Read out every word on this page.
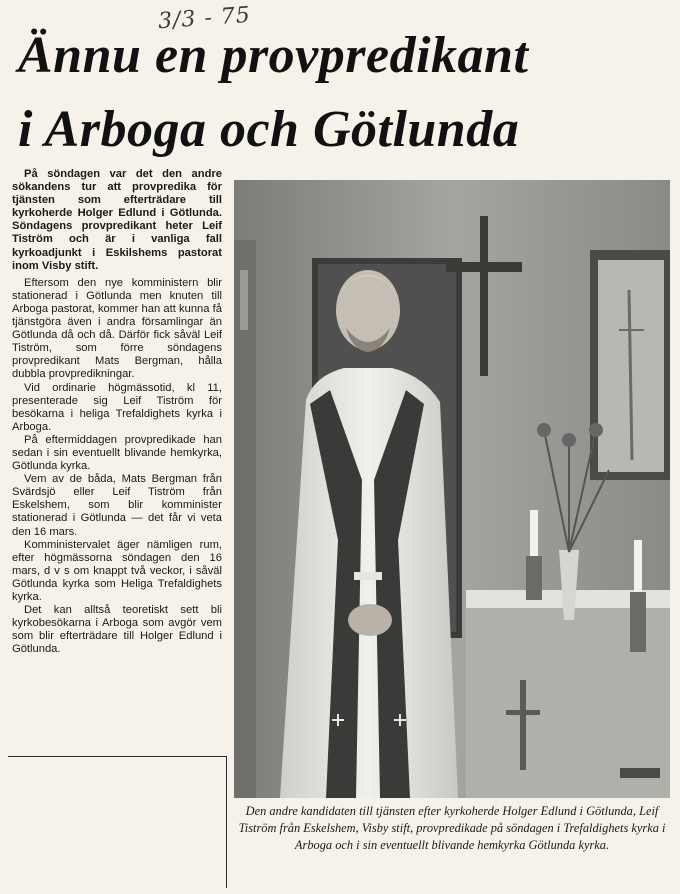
3/3 - 75
Ännu en provpredikant
i Arboga och Götlunda

På söndagen var det den andre sökandens tur att provpredika för tjänsten som efterträdare till kyrkoherde Holger Edlund i Götlunda. Söndagens provpredikant heter Leif Tiström och är i vanliga fall kyrkoadjunkt i Eskilshems pastorat inom Visby stift.

Eftersom den nye komministern blir stationerad i Götlunda men knuten till Arboga pastorat, kommer han att kunna få tjänstgöra även i andra församlingar än Götlunda då och då. Därför fick såväl Leif Tiström, som förre söndagens provpredikant Mats Bergman, hålla dubbla provpredikningar.

Vid ordinarie högmässotid, kl 11, presenterade sig Leif Tiström för besökarna i heliga Trefaldighets kyrka i Arboga.

På eftermiddagen provpredikade han sedan i sin eventuellt blivande hemkyrka, Götlunda kyrka.

Vem av de båda, Mats Bergman från Svärdsjö eller Leif Tiström från Eskelshem, som blir komminister stationerad i Götlunda — det får vi veta den 16 mars.

Komministervalet äger nämligen rum, efter högmässorna söndagen den 16 mars, d v s om knappt två veckor, i såväl Götlunda kyrka som Heliga Trefaldighets kyrka.

Det kan alltså teoretiskt sett bli kyrkobesökarna i Arboga som avgör vem som blir efterträdare till Holger Edlund i Götlunda.

Den andre kandidaten till tjänsten efter kyrkoherde Holger Edlund i Götlunda, Leif Tiström från Eskelshem, Visby stift, provpredikade på söndagen i Trefaldighets kyrka i Arboga och i sin eventuellt blivande hemkyrka Götlunda kyrka.
